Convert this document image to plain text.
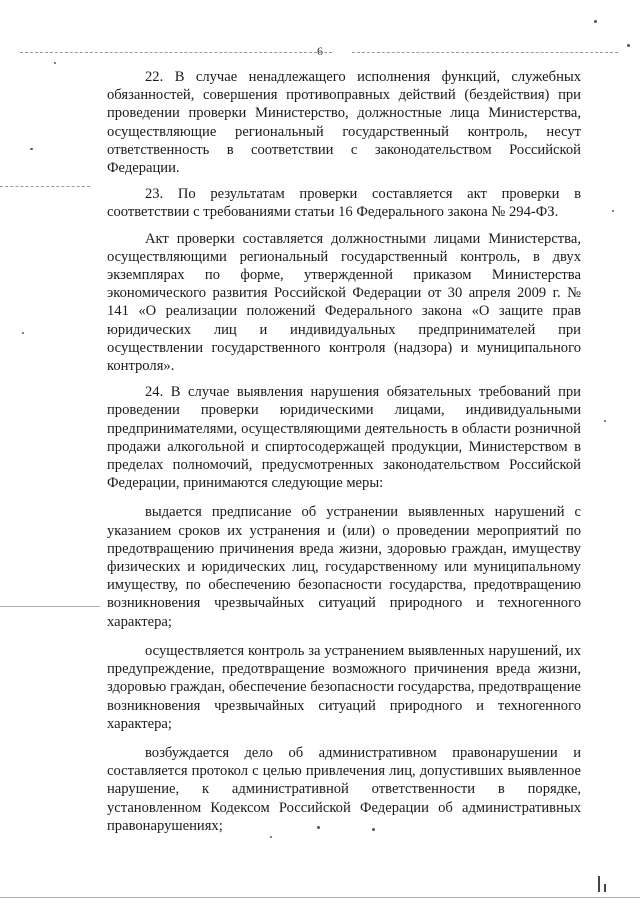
6

22. В случае ненадлежащего исполнения функций, служебных обязанностей, совершения противоправных действий (бездействия) при проведении проверки Министерство, должностные лица Министерства, осуществляющие региональный государственный контроль, несут ответственность в соответствии с законодательством Российской Федерации.

23. По результатам проверки составляется акт проверки в соответствии с требованиями статьи 16 Федерального закона № 294-ФЗ.

Акт проверки составляется должностными лицами Министерства, осуществляющими региональный государственный контроль, в двух экземплярах по форме, утвержденной приказом Министерства экономического развития Российской Федерации от 30 апреля 2009 г. № 141 «О реализации положений Федерального закона «О защите прав юридических лиц и индивидуальных предпринимателей при осуществлении государственного контроля (надзора) и муниципального контроля».

24. В случае выявления нарушения обязательных требований при проведении проверки юридическими лицами, индивидуальными предпринимателями, осуществляющими деятельность в области розничной продажи алкогольной и спиртосодержащей продукции, Министерством в пределах полномочий, предусмотренных законодательством Российской Федерации, принимаются следующие меры:

выдается предписание об устранении выявленных нарушений с указанием сроков их устранения и (или) о проведении мероприятий по предотвращению причинения вреда жизни, здоровью граждан, имуществу физических и юридических лиц, государственному или муниципальному имуществу, по обеспечению безопасности государства, предотвращению возникновения чрезвычайных ситуаций природного и техногенного характера;

осуществляется контроль за устранением выявленных нарушений, их предупреждение, предотвращение возможного причинения вреда жизни, здоровью граждан, обеспечение безопасности государства, предотвращение возникновения чрезвычайных ситуаций природного и техногенного характера;

возбуждается дело об административном правонарушении и составляется протокол с целью привлечения лиц, допустивших выявленное нарушение, к административной ответственности в порядке, установленном Кодексом Российской Федерации об административных правонарушениях;
